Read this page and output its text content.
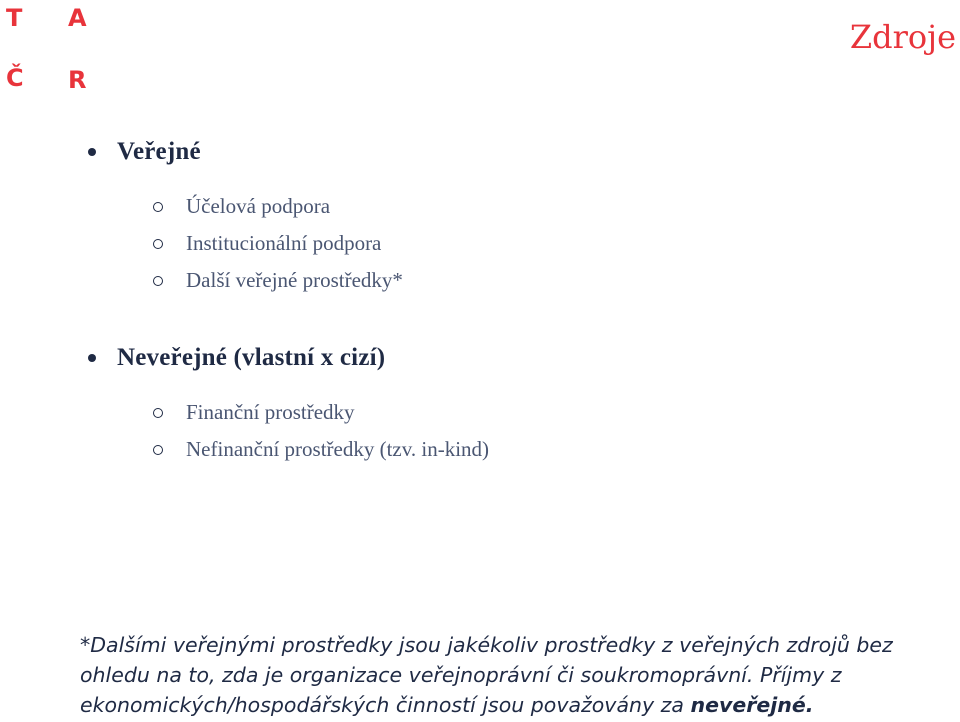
T A
Č R
Zdroje
Veřejné
Účelová podpora
Institucionální podpora
Další veřejné prostředky*
Neveřejné (vlastní x cizí)
Finanční prostředky
Nefinanční prostředky (tzv. in-kind)

*Dalšími veřejnými prostředky jsou jakékoliv prostředky z veřejných zdrojů bez ohledu na to, zda je organizace veřejnoprávní či soukromoprávní. Příjmy z ekonomických/hospodářských činností jsou považovány za neveřejné.
